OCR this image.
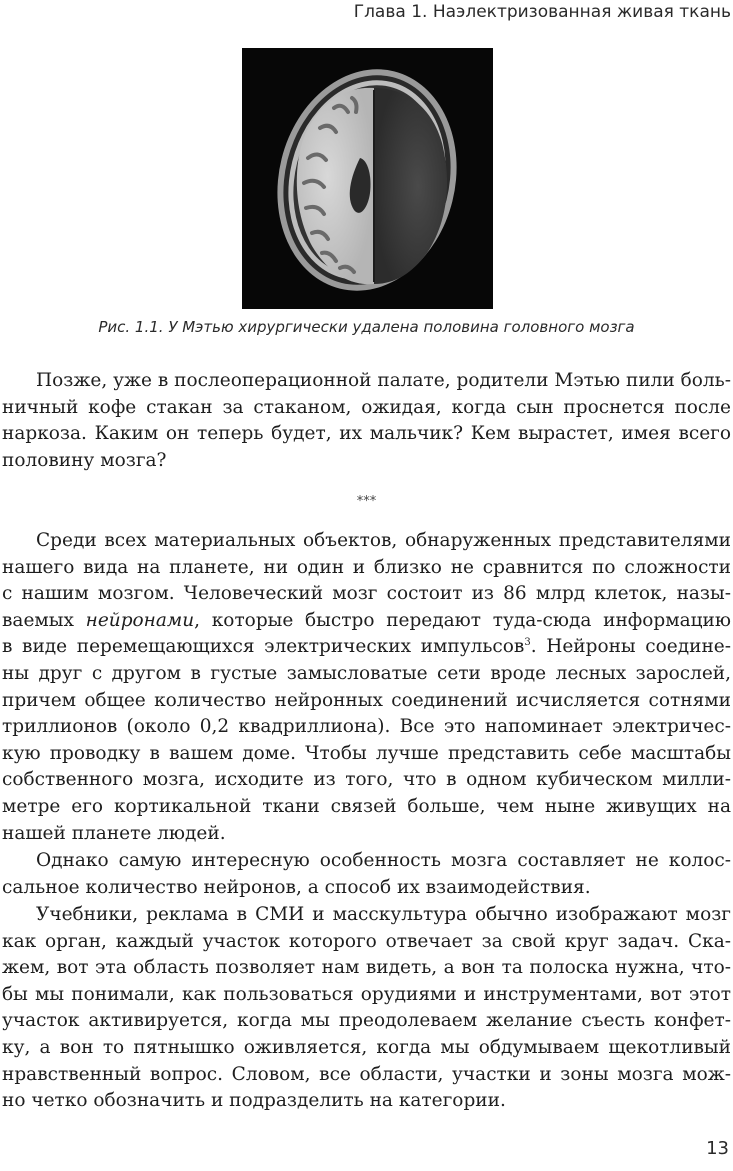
Глава 1. Наэлектризованная живая ткань
Рис. 1.1. У Мэтью хирургически удалена половина головного мозга
Позже, уже в послеоперационной палате, родители Мэтью пили боль-
ничный кофе стакан за стаканом, ожидая, когда сын проснется после
наркоза. Каким он теперь будет, их мальчик? Кем вырастет, имея всего
половину мозга?
***
Среди всех материальных объектов, обнаруженных представителями
нашего вида на планете, ни один и близко не сравнится по сложности
с нашим мозгом. Человеческий мозг состоит из 86 млрд клеток, назы-
ваемых нейронами, которые быстро передают туда-сюда информацию
в виде перемещающихся электрических импульсов$^3$. Нейроны соедине-
ны друг с другом в густые замысловатые сети вроде лесных зарослей,
причем общее количество нейронных соединений исчисляется сотнями
триллионов (около 0,2 квадриллиона). Все это напоминает электричес-
кую проводку в вашем доме. Чтобы лучше представить себе масштабы
собственного мозга, исходите из того, что в одном кубическом милли-
метре его кортикальной ткани связей больше, чем ныне живущих на
нашей планете людей.
Однако самую интересную особенность мозга составляет не колос-
сальное количество нейронов, а способ их взаимодействия.
Учебники, реклама в СМИ и масскультура обычно изображают мозг
как орган, каждый участок которого отвечает за свой круг задач. Ска-
жем, вот эта область позволяет нам видеть, а вон та полоска нужна, что-
бы мы понимали, как пользоваться орудиями и инструментами, вот этот
участок активируется, когда мы преодолеваем желание съесть конфет-
ку, а вон то пятнышко оживляется, когда мы обдумываем щекотливый
нравственный вопрос. Словом, все области, участки и зоны мозга мож-
но четко обозначить и подразделить на категории.
13
